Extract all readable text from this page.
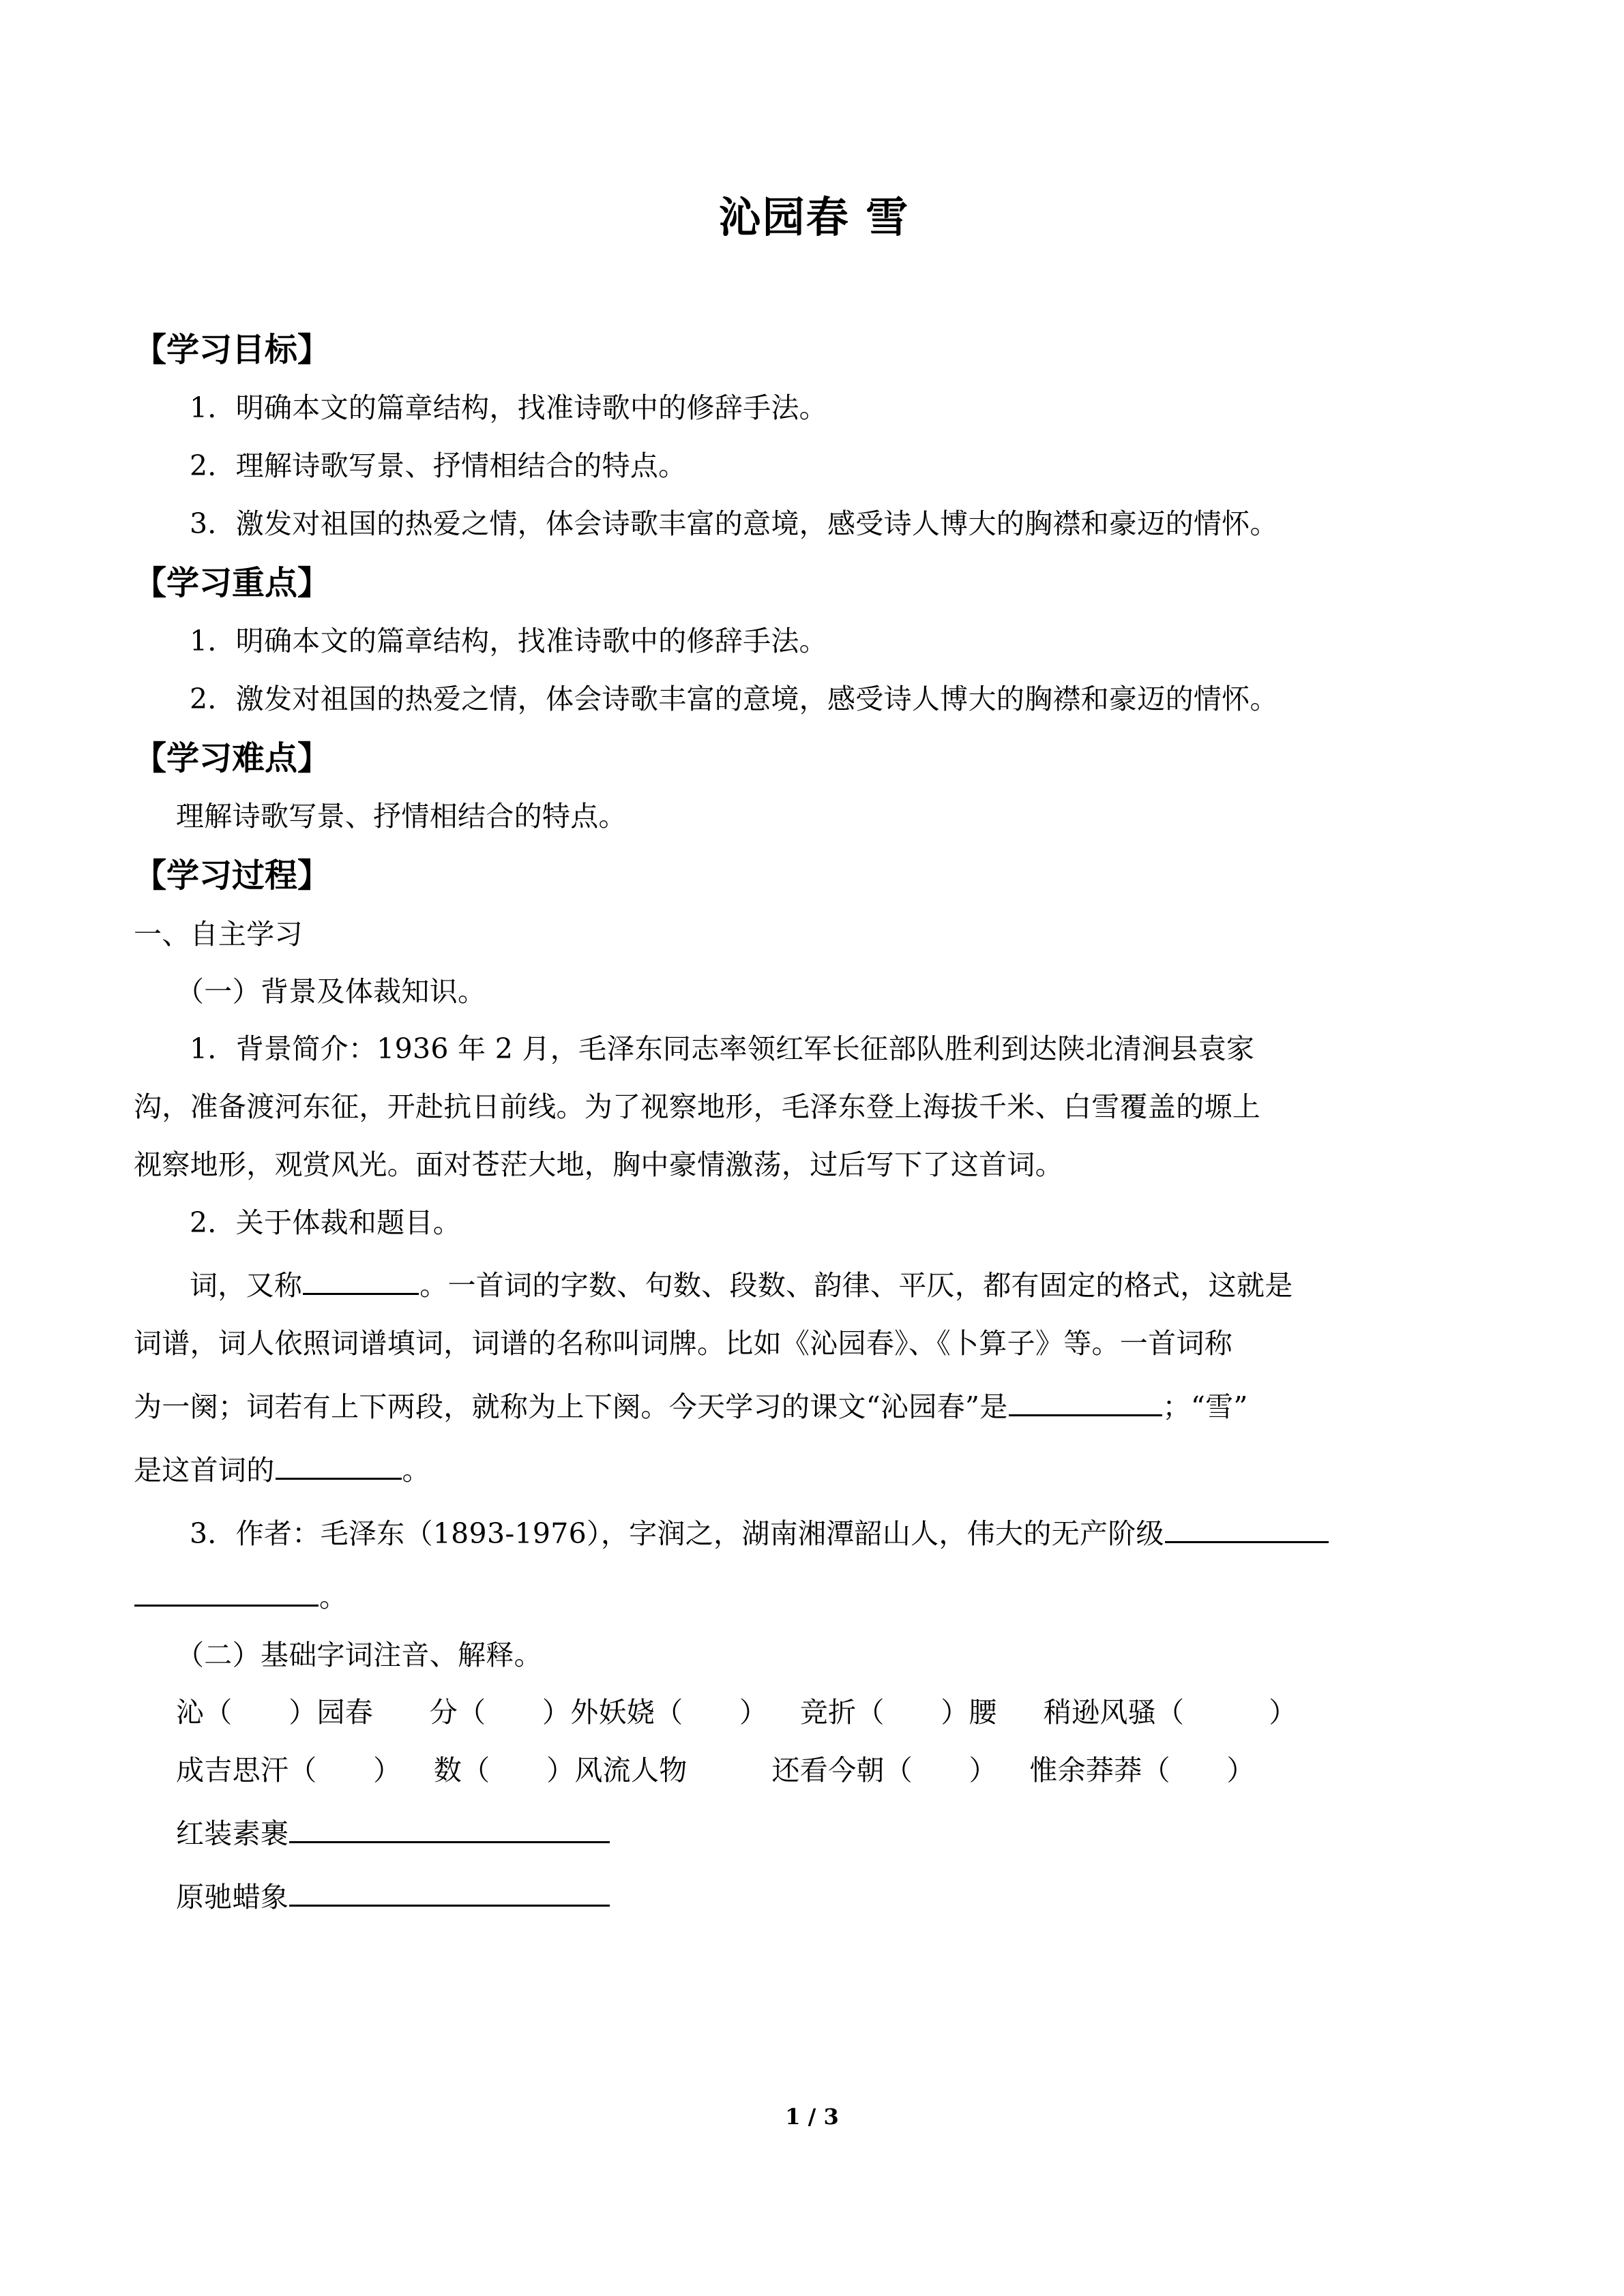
沁园春 雪

【学习目标】

1．明确本文的篇章结构，找准诗歌中的修辞手法。

2．理解诗歌写景、抒情相结合的特点。

3．激发对祖国的热爱之情，体会诗歌丰富的意境，感受诗人博大的胸襟和豪迈的情怀。

【学习重点】

1．明确本文的篇章结构，找准诗歌中的修辞手法。

2．激发对祖国的热爱之情，体会诗歌丰富的意境，感受诗人博大的胸襟和豪迈的情怀。

【学习难点】

理解诗歌写景、抒情相结合的特点。

【学习过程】

一、自主学习

（一）背景及体裁知识。

1．背景简介：1936 年 2 月，毛泽东同志率领红军长征部队胜利到达陕北清涧县袁家

沟，准备渡河东征，开赴抗日前线。为了视察地形，毛泽东登上海拔千米、白雪覆盖的塬上

视察地形，观赏风光。面对苍茫大地，胸中豪情激荡，过后写下了这首词。

2．关于体裁和题目。

词，又称	。一首词的字数、句数、段数、韵律、平仄，都有固定的格式，这就是

词谱，词人依照词谱填词，词谱的名称叫词牌。比如《沁园春》、《卜算子》等。一首词称

为一阕；词若有上下两段，就称为上下阕。今天学习的课文“沁园春”是	；“雪”

是这首词的	。

3．作者：毛泽东（1893-1976），字润之，湖南湘潭韶山人，伟大的无产阶级

。

（二）基础字词注音、解释。

沁（　　）园春　　分（　　）外妖娆（　　）　  竞折（　　）腰　  稍逊风骚（　　　）

成吉思汗（　　）　  数（　　）风流人物　　　还看今朝（　　）　  惟余莽莽（　　）

红装素裹

原驰蜡象

1 / 3
